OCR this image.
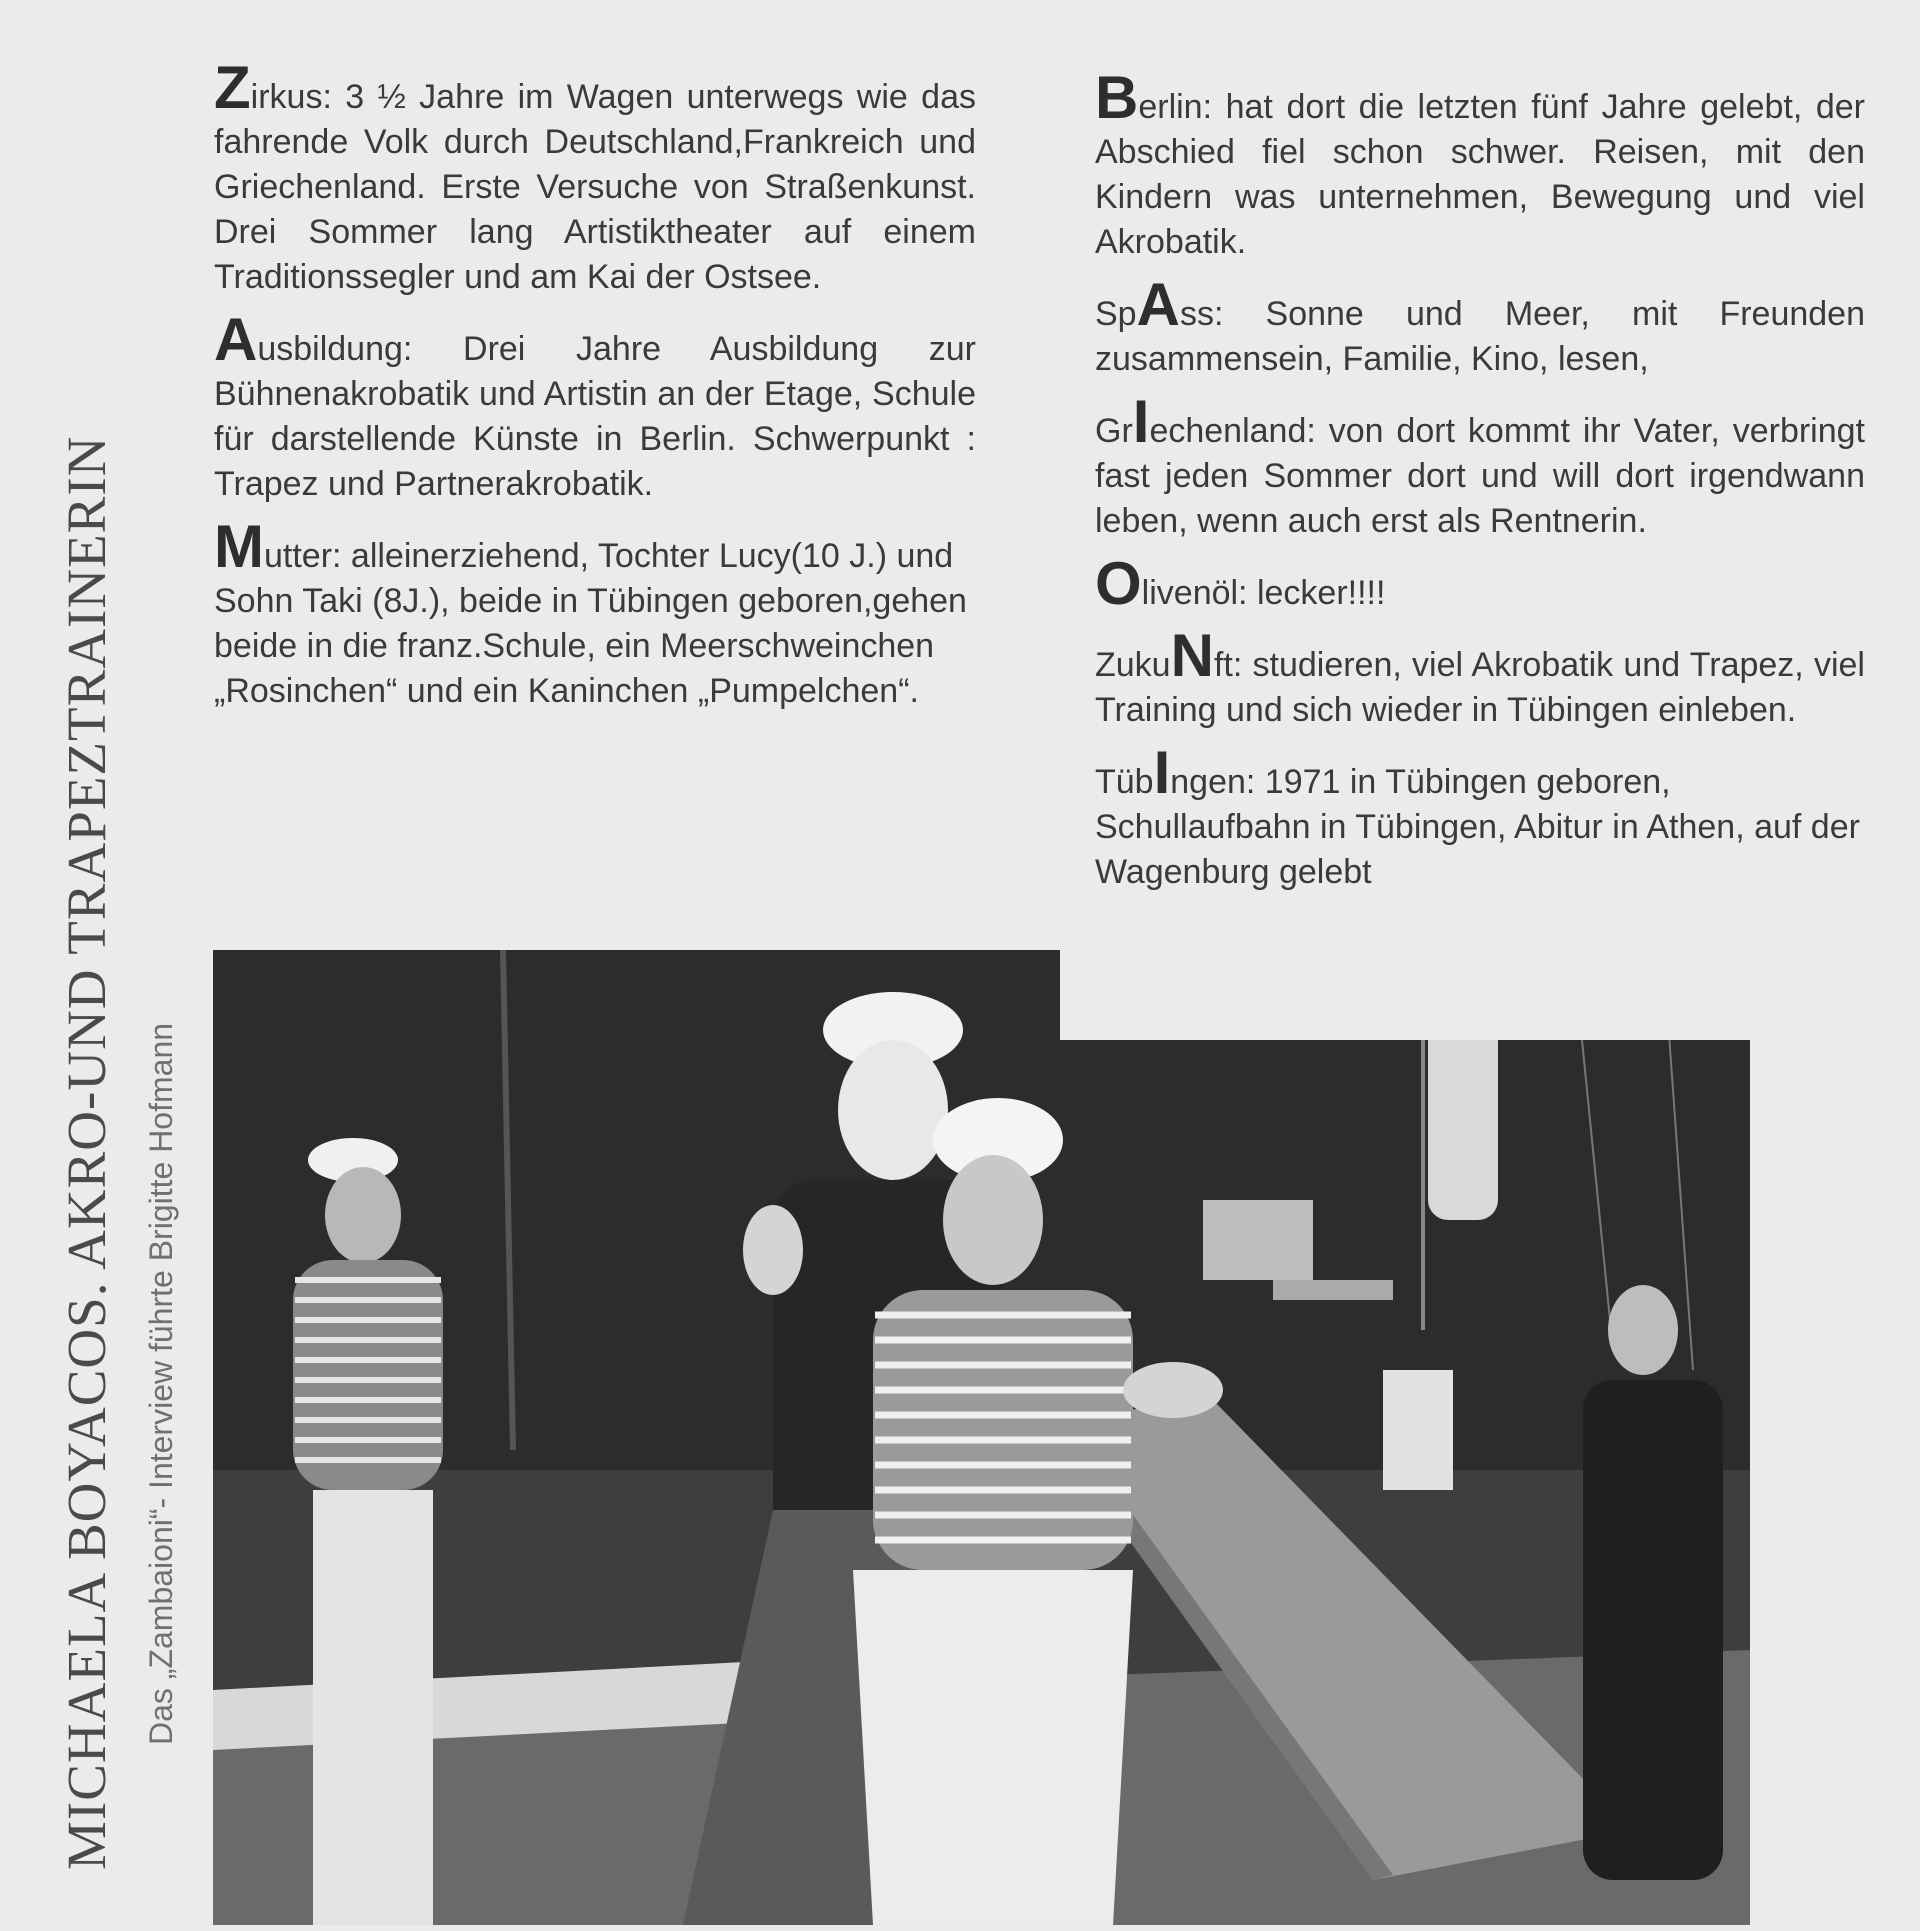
MICHAELA BOYACOS. AKRO-UND TRAPEZTRAINERIN Das „Zambaioni“- Interview führte Brigitte Hofmann

Zirkus: 3 ½ Jahre im Wagen unterwegs wie das fahrende Volk durch Deutschland,Frankreich und Griechenland. Erste Versuche von Straßenkunst. Drei Sommer lang Artistiktheater auf einem Traditionssegler und am Kai der Ostsee.

Ausbildung: Drei Jahre Ausbildung zur Bühnenakrobatik und Artistin an der Etage, Schule für darstellende Künste in Berlin. Schwerpunkt : Trapez und Partnerakrobatik.

Mutter: alleinerziehend, Tochter Lucy(10 J.) und Sohn Taki (8J.), beide in Tübingen geboren,gehen beide in die franz.Schule, ein Meerschweinchen „Rosinchen“ und ein Kaninchen „Pumpelchen“.

Berlin: hat dort die letzten fünf Jahre gelebt, der Abschied fiel schon schwer. Reisen, mit den Kindern was unternehmen, Bewegung und viel Akrobatik.

SpAss: Sonne und Meer, mit Freunden zusammensein, Familie, Kino, lesen,

GrIechenland: von dort kommt ihr Vater, verbringt fast jeden Sommer dort und will dort irgendwann leben, wenn auch erst als Rentnerin.

Olivenöl: lecker!!!!

ZukuNft: studieren, viel Akrobatik und Trapez, viel Training und sich wieder in Tübingen einleben.

TübIngen: 1971 in Tübingen geboren, Schullaufbahn in Tübingen, Abitur in Athen, auf der Wagenburg gelebt
